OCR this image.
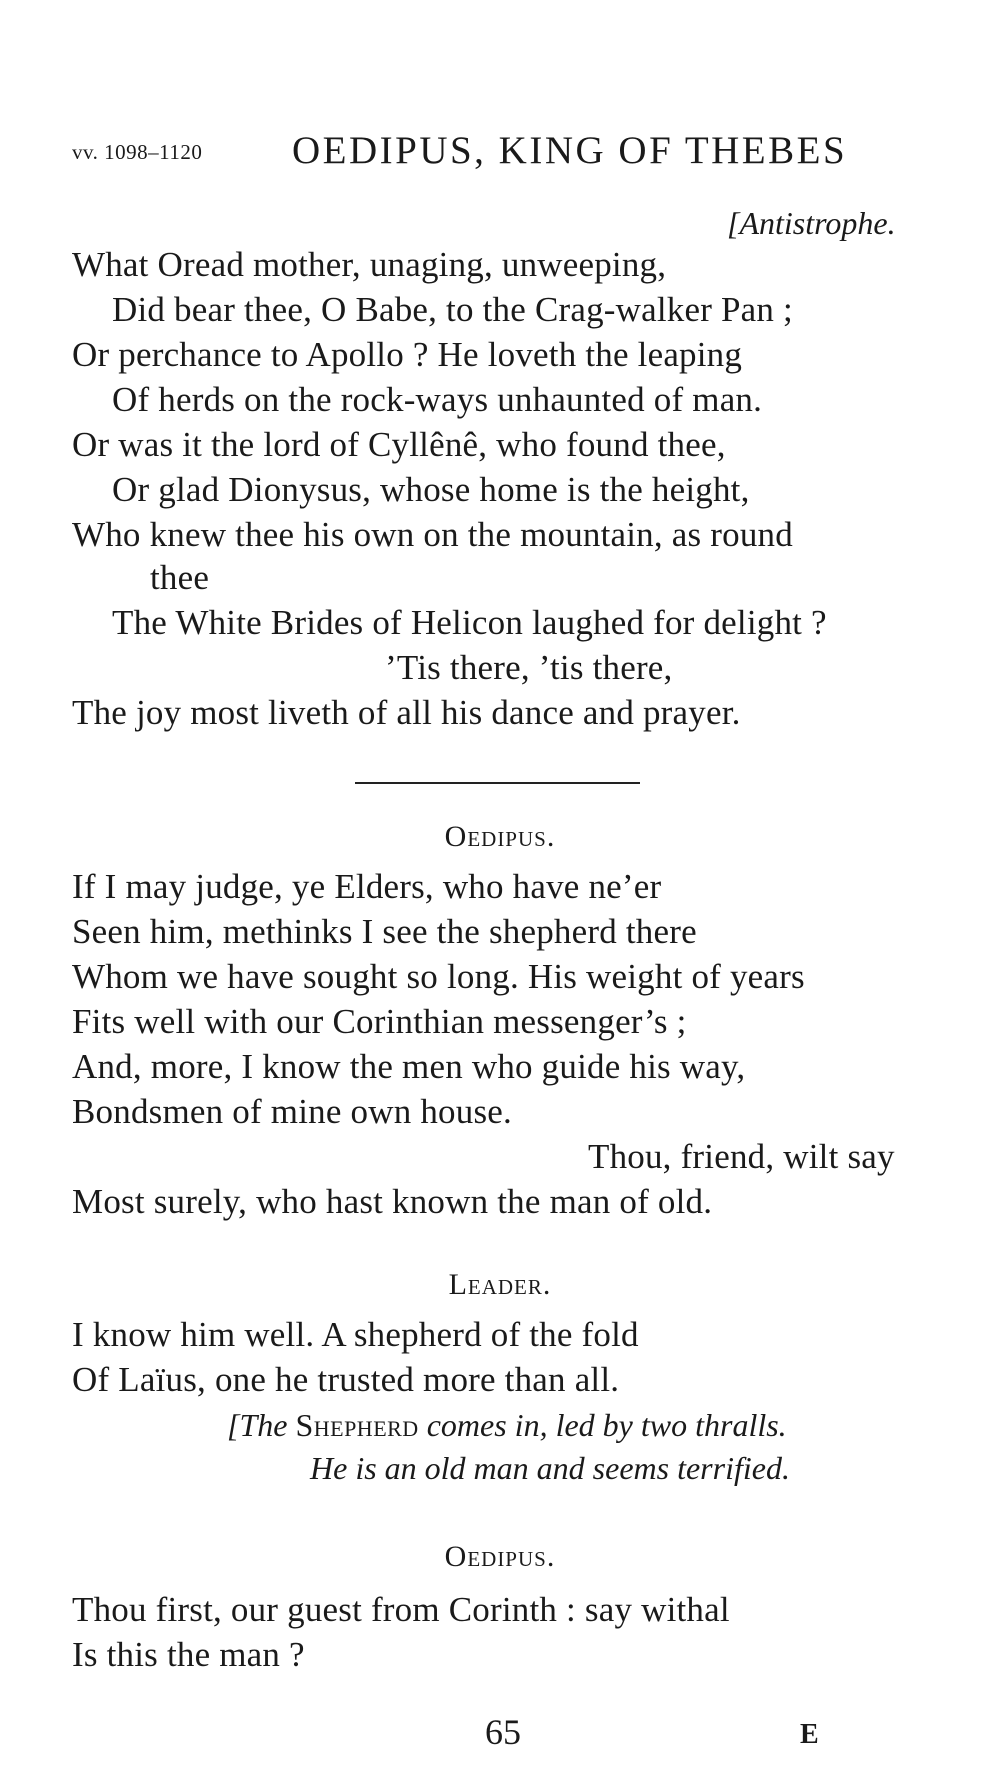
vv. 1098–1120 OEDIPUS, KING OF THEBES
[Antistrophe.
What Oread mother, unaging, unweeping,
Did bear thee, O Babe, to the Crag-walker Pan ;
Or perchance to Apollo ? He loveth the leaping
Of herds on the rock-ways unhaunted of man.
Or was it the lord of Cyllênê, who found thee,
Or glad Dionysus, whose home is the height,
Who knew thee his own on the mountain, as round
thee
The White Brides of Helicon laughed for delight ?
’Tis there, ’tis there,
The joy most liveth of all his dance and prayer.
Oedipus.
If I may judge, ye Elders, who have ne’er
Seen him, methinks I see the shepherd there
Whom we have sought so long. His weight of years
Fits well with our Corinthian messenger’s ;
And, more, I know the men who guide his way,
Bondsmen of mine own house.
Thou, friend, wilt say
Most surely, who hast known the man of old.
Leader.
I know him well. A shepherd of the fold
Of Laïus, one he trusted more than all.
[The Shepherd comes in, led by two thralls.
He is an old man and seems terrified.
Oedipus.
Thou first, our guest from Corinth : say withal
Is this the man ?
65	E
